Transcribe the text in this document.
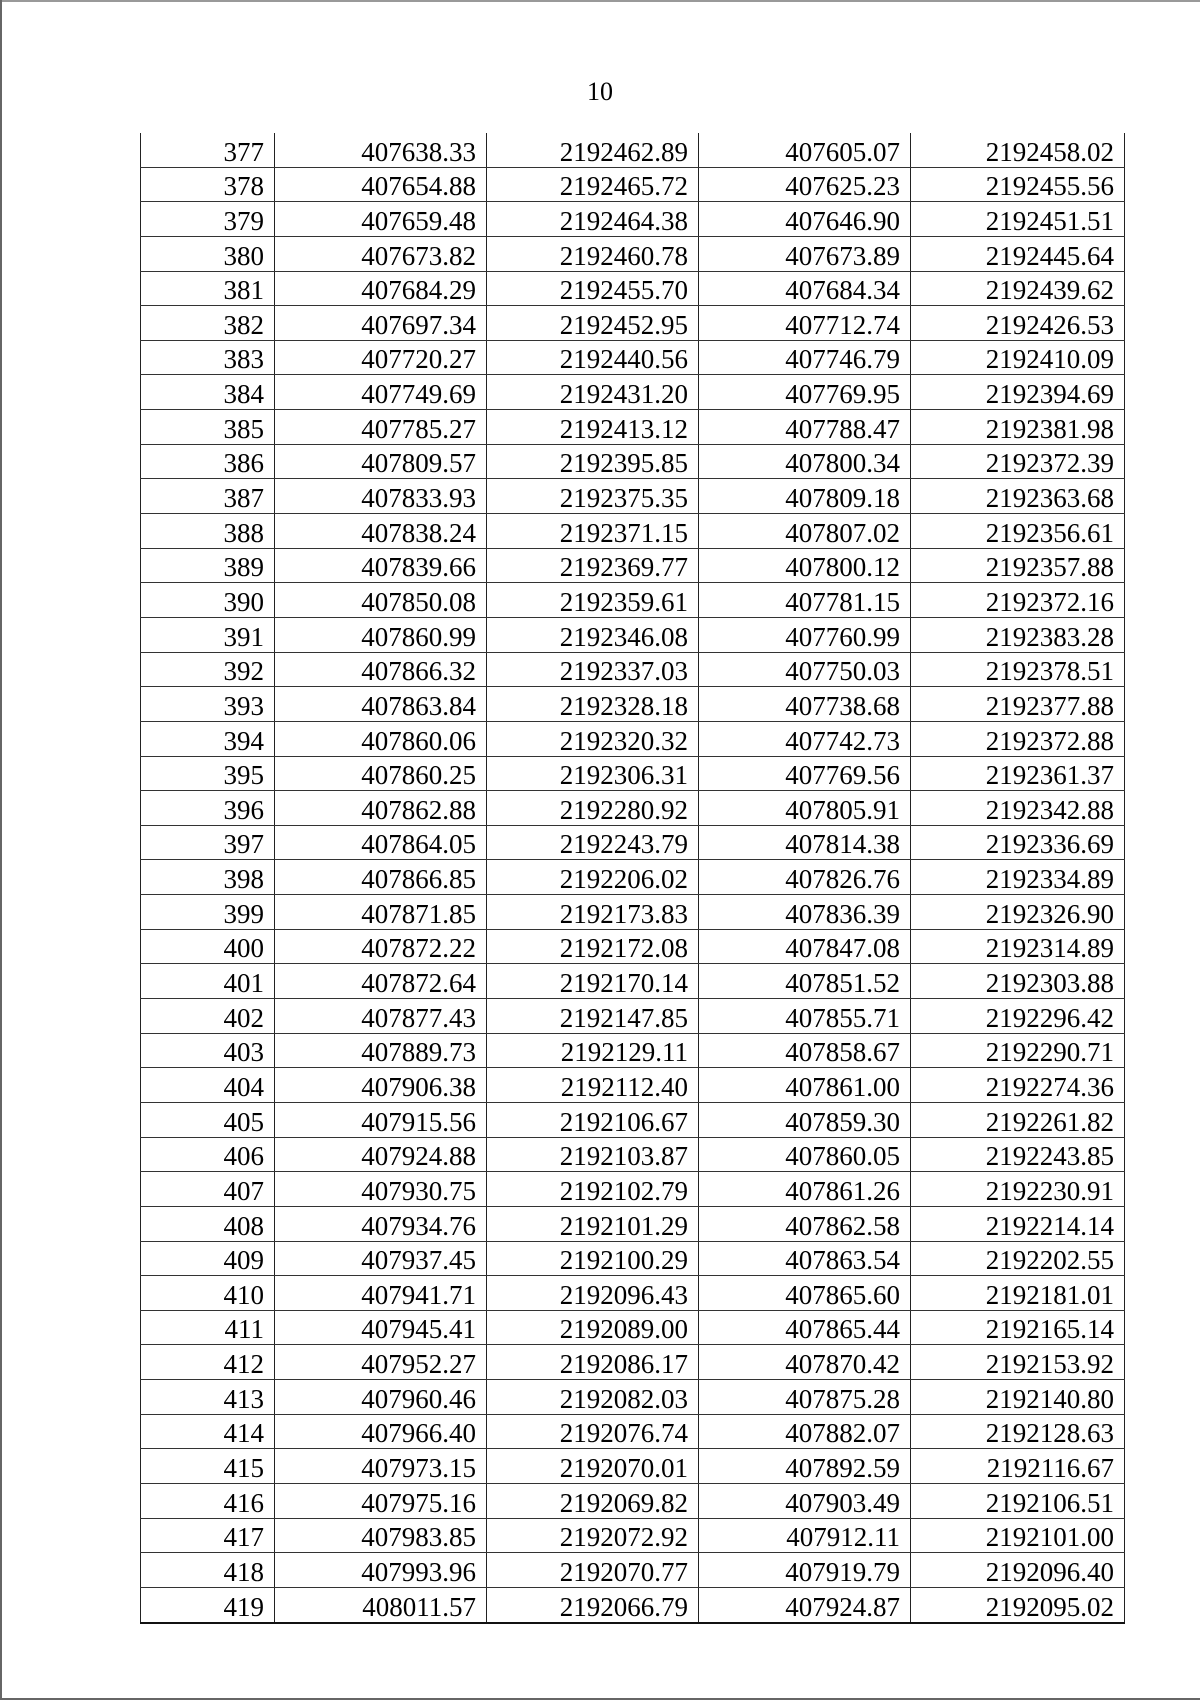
10
377	407638.33	2192462.89	407605.07	2192458.02
378	407654.88	2192465.72	407625.23	2192455.56
379	407659.48	2192464.38	407646.90	2192451.51
380	407673.82	2192460.78	407673.89	2192445.64
381	407684.29	2192455.70	407684.34	2192439.62
382	407697.34	2192452.95	407712.74	2192426.53
383	407720.27	2192440.56	407746.79	2192410.09
384	407749.69	2192431.20	407769.95	2192394.69
385	407785.27	2192413.12	407788.47	2192381.98
386	407809.57	2192395.85	407800.34	2192372.39
387	407833.93	2192375.35	407809.18	2192363.68
388	407838.24	2192371.15	407807.02	2192356.61
389	407839.66	2192369.77	407800.12	2192357.88
390	407850.08	2192359.61	407781.15	2192372.16
391	407860.99	2192346.08	407760.99	2192383.28
392	407866.32	2192337.03	407750.03	2192378.51
393	407863.84	2192328.18	407738.68	2192377.88
394	407860.06	2192320.32	407742.73	2192372.88
395	407860.25	2192306.31	407769.56	2192361.37
396	407862.88	2192280.92	407805.91	2192342.88
397	407864.05	2192243.79	407814.38	2192336.69
398	407866.85	2192206.02	407826.76	2192334.89
399	407871.85	2192173.83	407836.39	2192326.90
400	407872.22	2192172.08	407847.08	2192314.89
401	407872.64	2192170.14	407851.52	2192303.88
402	407877.43	2192147.85	407855.71	2192296.42
403	407889.73	2192129.11	407858.67	2192290.71
404	407906.38	2192112.40	407861.00	2192274.36
405	407915.56	2192106.67	407859.30	2192261.82
406	407924.88	2192103.87	407860.05	2192243.85
407	407930.75	2192102.79	407861.26	2192230.91
408	407934.76	2192101.29	407862.58	2192214.14
409	407937.45	2192100.29	407863.54	2192202.55
410	407941.71	2192096.43	407865.60	2192181.01
411	407945.41	2192089.00	407865.44	2192165.14
412	407952.27	2192086.17	407870.42	2192153.92
413	407960.46	2192082.03	407875.28	2192140.80
414	407966.40	2192076.74	407882.07	2192128.63
415	407973.15	2192070.01	407892.59	2192116.67
416	407975.16	2192069.82	407903.49	2192106.51
417	407983.85	2192072.92	407912.11	2192101.00
418	407993.96	2192070.77	407919.79	2192096.40
419	408011.57	2192066.79	407924.87	2192095.02
